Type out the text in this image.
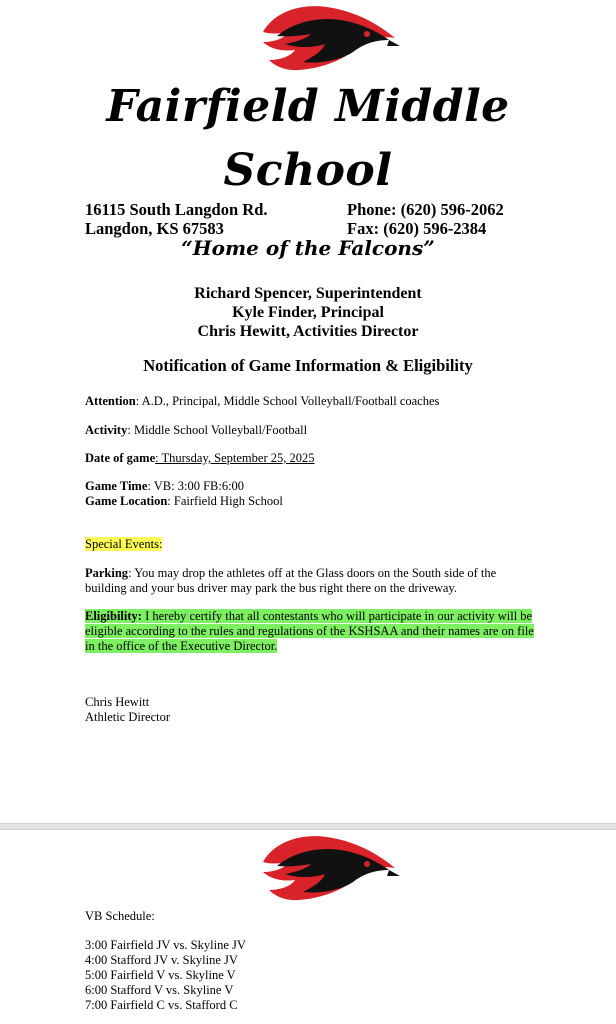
Fairfield Middle
School
16115 South Langdon Rd.
Langdon, KS 67583
Phone: (620) 596-2062
Fax: (620) 596-2384
“Home of the Falcons”
Richard Spencer, Superintendent
Kyle Finder, Principal
Chris Hewitt, Activities Director
Notification of Game Information & Eligibility
Attention: A.D., Principal, Middle School Volleyball/Football coaches
Activity: Middle School Volleyball/Football
Date of game: Thursday, September 25, 2025
Game Time: VB: 3:00 FB:6:00
Game Location: Fairfield High School
Special Events:
Parking: You may drop the athletes off at the Glass doors on the South side of the building and your bus driver may park the bus right there on the driveway.
Eligibility: I hereby certify that all contestants who will participate in our activity will be eligible according to the rules and regulations of the KSHSAA and their names are on file in the office of the Executive Director.
Chris Hewitt
Athletic Director
VB Schedule:
3:00 Fairfield JV vs. Skyline JV
4:00 Stafford JV v. Skyline JV
5:00 Fairfield V vs. Skyline V
6:00 Stafford V vs. Skyline V
7:00 Fairfield C vs. Stafford C
